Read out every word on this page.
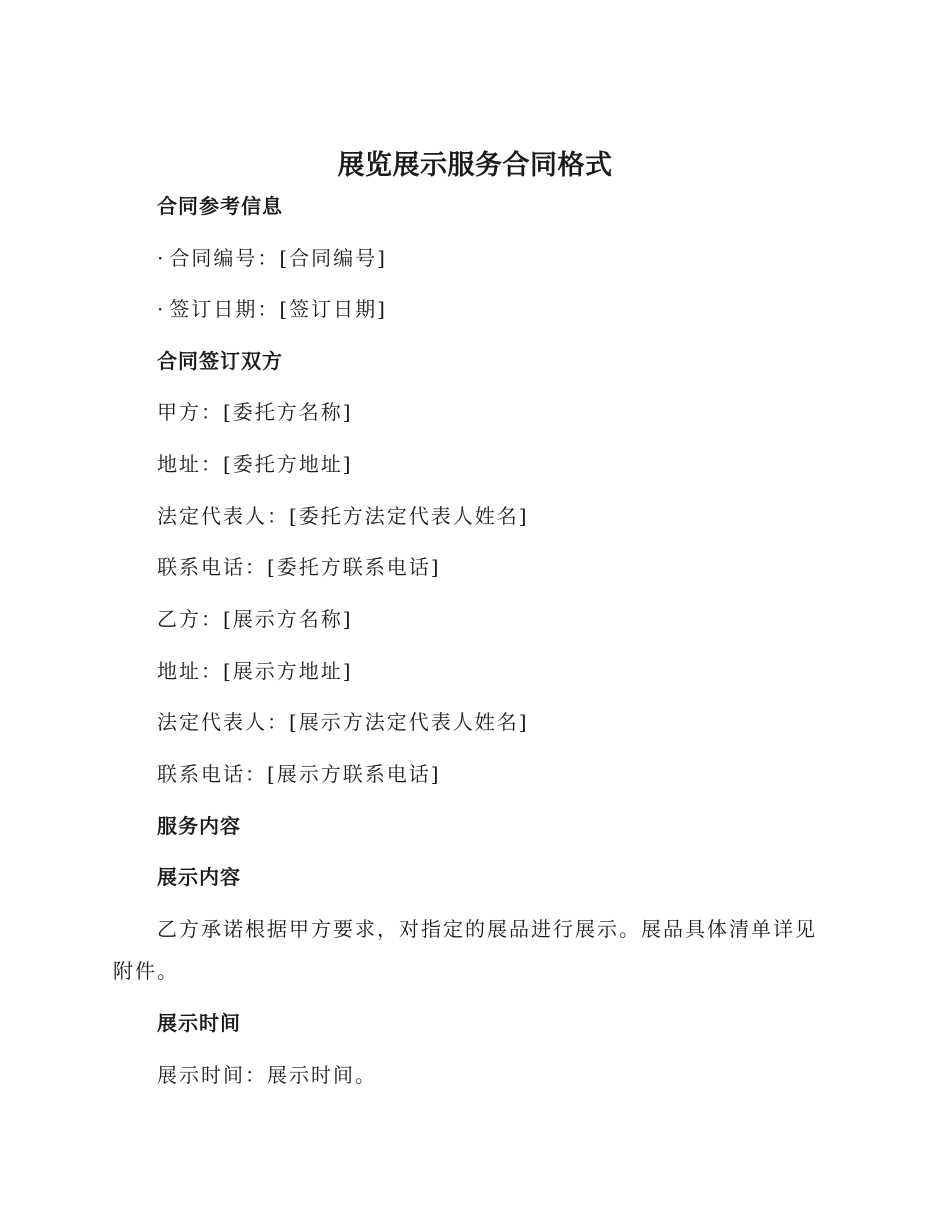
展览展示服务合同格式
合同参考信息
· 合同编号：[合同编号]
· 签订日期：[签订日期]
合同签订双方
甲方：[委托方名称]
地址：[委托方地址]
法定代表人：[委托方法定代表人姓名]
联系电话：[委托方联系电话]
乙方：[展示方名称]
地址：[展示方地址]
法定代表人：[展示方法定代表人姓名]
联系电话：[展示方联系电话]
服务内容
展示内容
乙方承诺根据甲方要求，对指定的展品进行展示。展品具体清单详见附件。
展示时间
展示时间：展示时间。
